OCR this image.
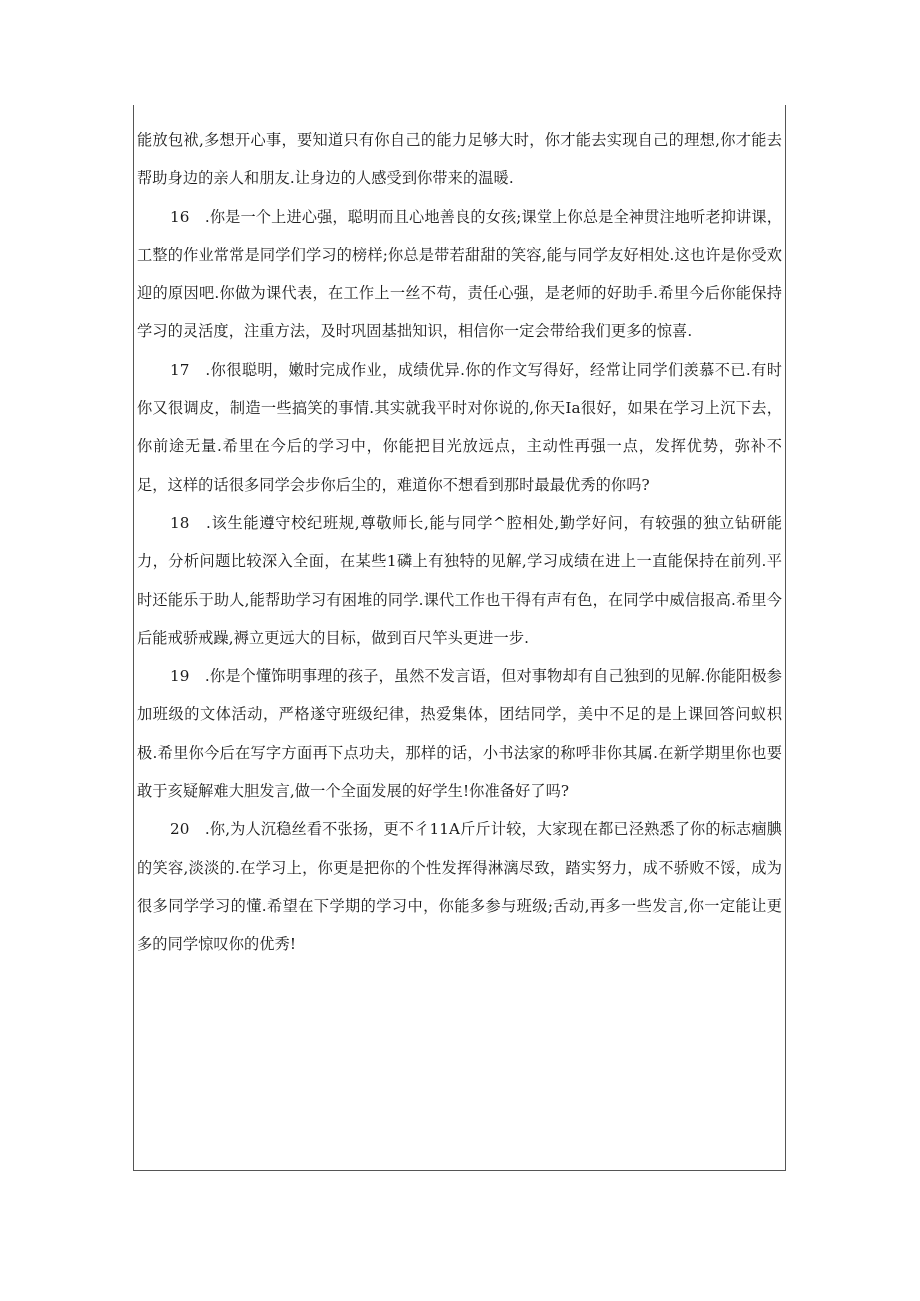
能放包袱,多想开心事，要知道只有你自己的能力足够大时，你才能去实现自己的理想,你才能去帮助身边的亲人和朋友.让身边的人感受到你带来的温暖.

16　.你是一个上进心强，聪明而且心地善良的女孩;课堂上你总是全神贯注地听老抑讲课，工整的作业常常是同学们学习的榜样;你总是带若甜甜的笑容,能与同学友好相处.这也许是你受欢迎的原因吧.你做为课代表，在工作上一丝不苟，责任心强，是老师的好助手.希里今后你能保持学习的灵活度，注重方法，及时巩固基拙知识，相信你一定会带给我们更多的惊喜.

17　.你很聪明，嫩时完成作业，成绩优异.你的作文写得好，经常让同学们羡慕不已.有时你又很调皮，制造一些搞笑的事情.其实就我平时对你说的,你天Ia很好，如果在学习上沉下去，你前途无量.希里在今后的学习中，你能把目光放远点，主动性再强一点，发挥优势，弥补不足，这样的话很多同学会步你后尘的，难道你不想看到那时最最优秀的你吗?

18　.该生能遵守校纪班规,尊敬师长,能与同学^腔相处,勤学好问，有较强的独立钻研能力，分析问题比较深入全面，在某些1磷上有独特的见解,学习成绩在进上一直能保持在前列.平时还能乐于助人,能帮助学习有困堆的同学.课代工作也干得有声有色，在同学中威信报高.希里今后能戒骄戒躁,褥立更远大的目标，做到百尺竿头更进一步.

19　.你是个懂饰明事理的孩子，虽然不发言语，但对事物却有自己独到的见解.你能阳极参加班级的文体活动，严格遂守班级纪律，热爱集体，团结同学，美中不足的是上课回答问蚁枳极.希里你今后在写字方面再下点功夫，那样的话，小书法家的称呼非你其属.在新学期里你也要敢于亥疑解难大胆发言,做一个全面发展的好学生!你准备好了吗?

20　.你,为人沉稳丝看不张扬，更不彳11A斤斤计较，大家现在都已泾熟悉了你的标志痼腆的笑容,淡淡的.在学习上，你更是把你的个性发挥得淋漓尽致，踏实努力，成不骄败不馁，成为很多同学学习的懂.希望在下学期的学习中，你能多参与班级;舌动,再多一些发言,你一定能让更多的同学惊叹你的优秀!
